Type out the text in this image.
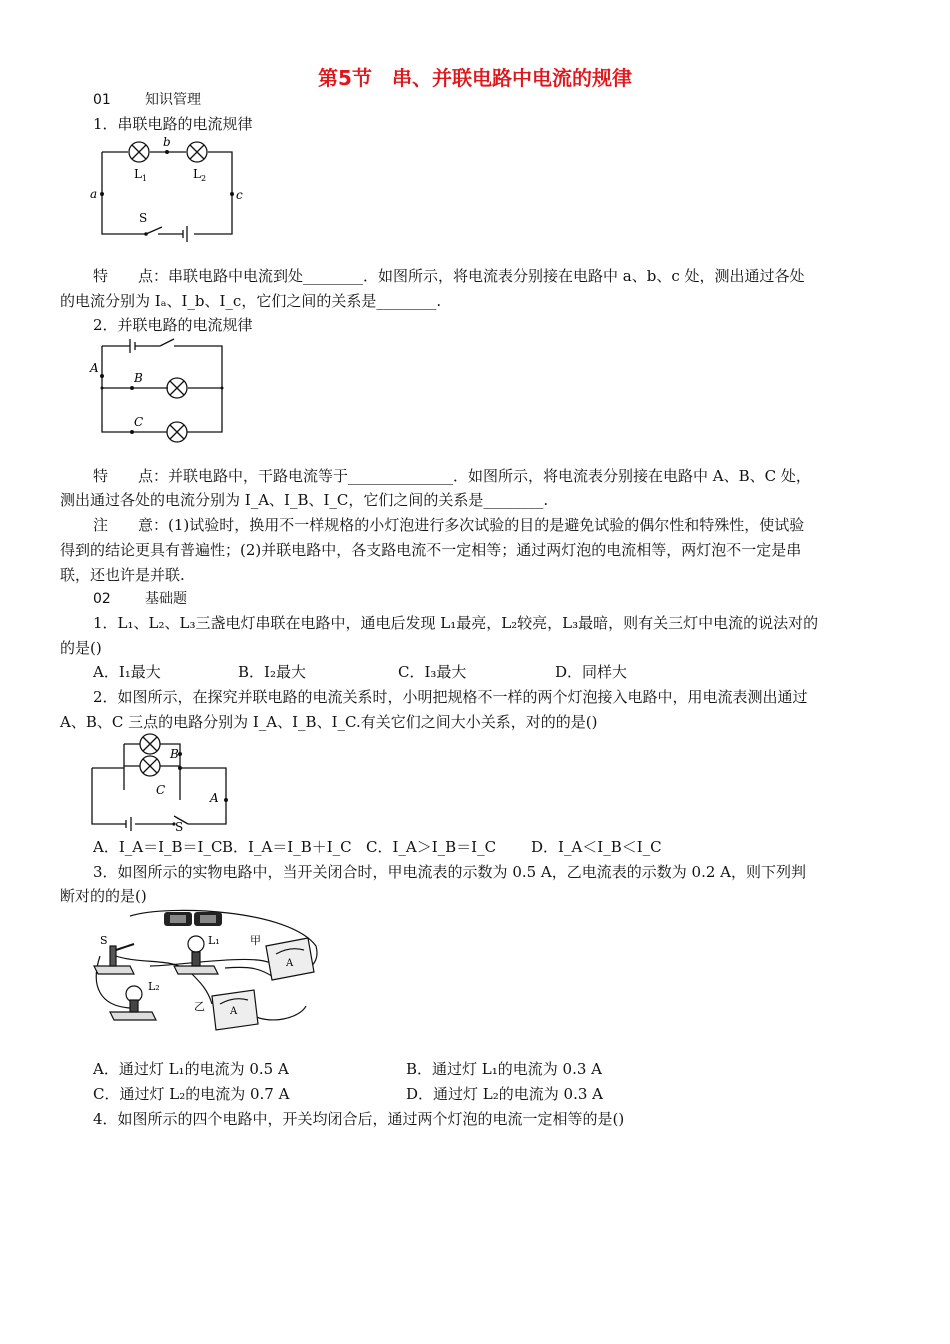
第5节　串、并联电路中电流的规律
01 知识管理
1．串联电路的电流规律
b
a	c
L 1	L 2
S
特　　点：串联电路中电流到处________．如图所示，将电流表分别接在电路中 a、b、c 处，测出通过各处
的电流分别为 Iₐ、I_b、I_c，它们之间的关系是________.
2．并联电路的电流规律
A
B
C
特　　点：并联电路中，干路电流等于______________．如图所示，将电流表分别接在电路中 A、B、C 处，
测出通过各处的电流分别为 I_A、I_B、I_C，它们之间的关系是________.
注　　意：(1)试验时，换用不一样规格的小灯泡进行多次试验的目的是避免试验的偶尔性和特殊性，使试验
得到的结论更具有普遍性；(2)并联电路中，各支路电流不一定相等；通过两灯泡的电流相等，两灯泡不一定是串
联，还也许是并联.
02 基础题
1．L₁、L₂、L₃三盏电灯串联在电路中，通电后发现 L₁最亮，L₂较亮，L₃最暗，则有关三灯中电流的说法对的
的是()
A．I₁最大	B．I₂最大	C．I₃最大	D．同样大
2．如图所示，在探究并联电路的电流关系时，小明把规格不一样的两个灯泡接入电路中，用电流表测出通过
A、B、C 三点的电路分别为 I_A、I_B、I_C.有关它们之间大小关系，对的的是()
B
C
A
S
A．I_A＝I_B＝I_C B．I_A＝I_B＋I_C C．I_A＞I_B＝I_C D．I_A＜I_B＜I_C
3．如图所示的实物电路中，当开关闭合时，甲电流表的示数为 0.5 A，乙电流表的示数为 0.2 A，则下列判
断对的的是()
S	L₁	甲
A
L₂
乙	A
A．通过灯 L₁的电流为 0.5 A	B．通过灯 L₁的电流为 0.3 A
C．通过灯 L₂的电流为 0.7 A	D．通过灯 L₂的电流为 0.3 A
4．如图所示的四个电路中，开关均闭合后，通过两个灯泡的电流一定相等的是()
